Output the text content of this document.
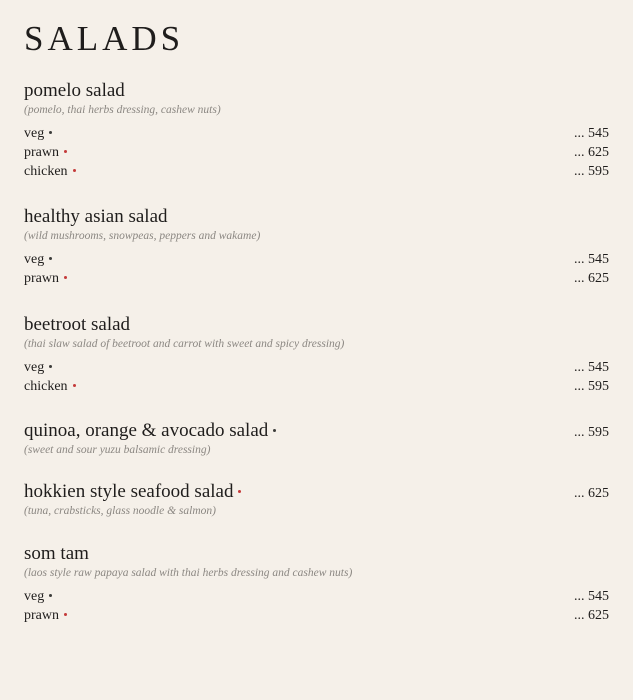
SALADS
pomelo salad
(pomelo, thai herbs dressing, cashew nuts)
veg	... 545
prawn	... 625
chicken	... 595
healthy asian salad
(wild mushrooms, snowpeas, peppers and wakame)
veg	... 545
prawn	... 625
beetroot salad
(thai slaw salad of beetroot and carrot with sweet and spicy dressing)
veg	... 545
chicken	... 595
quinoa, orange & avocado salad	... 595
(sweet and sour yuzu balsamic dressing)
hokkien style seafood salad	... 625
(tuna, crabsticks, glass noodle & salmon)
som tam
(laos style raw papaya salad with thai herbs dressing and cashew nuts)
veg	... 545
prawn	... 625
